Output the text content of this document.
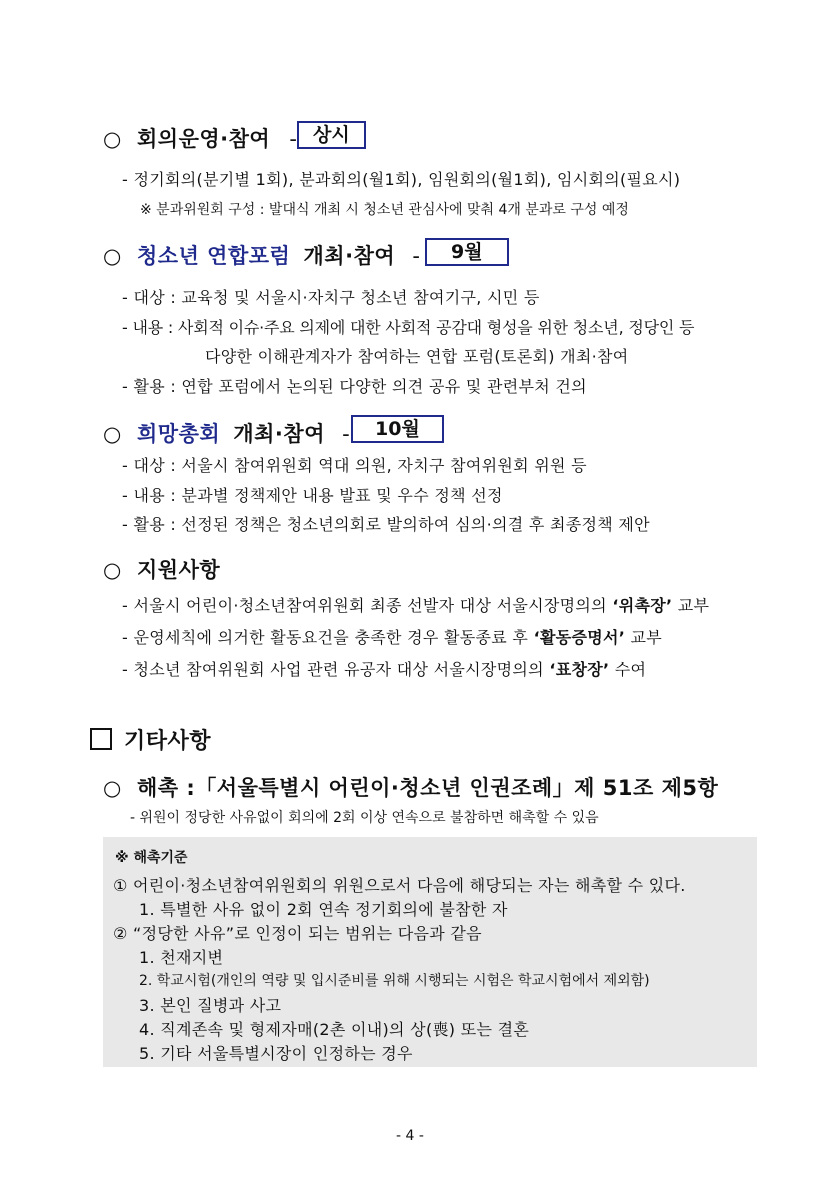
○ 회의운영·참여 - 상시
- 정기회의(분기별 1회), 분과회의(월1회), 임원회의(월1회), 임시회의(필요시)
※ 분과위원회 구성 : 발대식 개최 시 청소년 관심사에 맞춰 4개 분과로 구성 예정
○ 청소년 연합포럼 개최·참여 -	9월
- 대상 : 교육청 및 서울시·자치구 청소년 참여기구, 시민 등
- 내용 : 사회적 이슈·주요 의제에 대한 사회적 공감대 형성을 위한 청소년, 정당인 등
다양한 이해관계자가 참여하는 연합 포럼(토론회) 개최·참여
- 활용 : 연합 포럼에서 논의된 다양한 의견 공유 및 관련부처 건의
○ 희망총회 개최·참여 -	10월
- 대상 : 서울시 참여위원회 역대 의원, 자치구 참여위원회 위원 등
- 내용 : 분과별 정책제안 내용 발표 및 우수 정책 선정
- 활용 : 선정된 정책은 청소년의회로 발의하여 심의·의결 후 최종정책 제안
○ 지원사항
- 서울시 어린이·청소년참여위원회 최종 선발자 대상 서울시장명의의 ‘위촉장’ 교부
- 운영세칙에 의거한 활동요건을 충족한 경우 활동종료 후 ‘활동증명서’ 교부
- 청소년 참여위원회 사업 관련 유공자 대상 서울시장명의의 ‘표창장’ 수여
기타사항
○ 해촉 :「서울특별시 어린이·청소년 인권조례」제 51조 제5항
- 위원이 정당한 사유없이 회의에 2회 이상 연속으로 불참하면 해촉할 수 있음
※ 해촉기준
① 어린이·청소년참여위원회의 위원으로서 다음에 해당되는 자는 해촉할 수 있다.
1. 특별한 사유 없이 2회 연속 정기회의에 불참한 자
② “정당한 사유”로 인정이 되는 범위는 다음과 같음
1. 천재지변
2. 학교시험(개인의 역량 및 입시준비를 위해 시행되는 시험은 학교시험에서 제외함)
3. 본인 질병과 사고
4. 직계존속 및 형제자매(2촌 이내)의 상(喪) 또는 결혼
5. 기타 서울특별시장이 인정하는 경우
- 4 -
